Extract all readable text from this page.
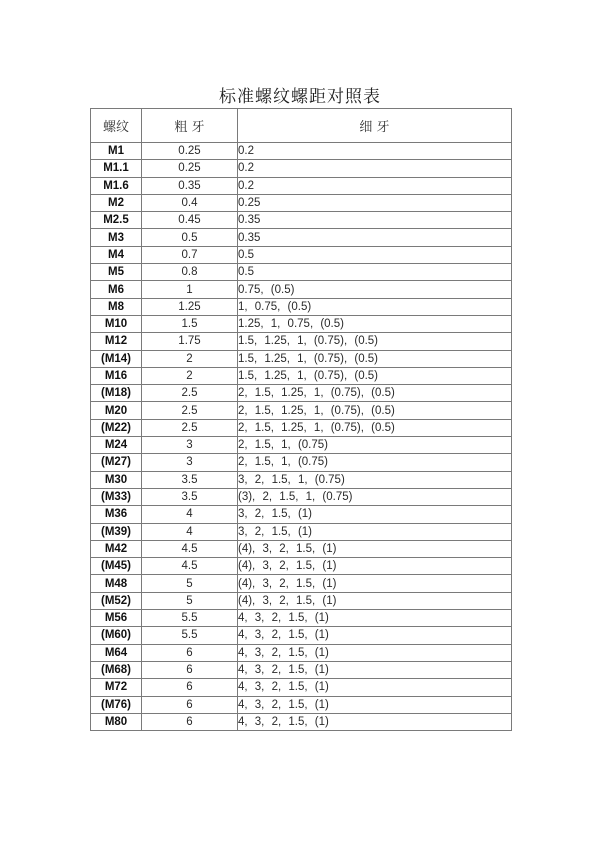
标准螺纹螺距对照表
螺纹	粗 牙	细 牙
M1	0.25	0.2
M1.1	0.25	0.2
M1.6	0.35	0.2
M2	0.4	0.25
M2.5	0.45	0.35
M3	0.5	0.35
M4	0.7	0.5
M5	0.8	0.5
M6	1	0.75, (0.5)
M8	1.25	1, 0.75, (0.5)
M10	1.5	1.25, 1, 0.75, (0.5)
M12	1.75	1.5, 1.25, 1, (0.75), (0.5)
(M14)	2	1.5, 1.25, 1, (0.75), (0.5)
M16	2	1.5, 1.25, 1, (0.75), (0.5)
(M18)	2.5	2, 1.5, 1.25, 1, (0.75), (0.5)
M20	2.5	2, 1.5, 1.25, 1, (0.75), (0.5)
(M22)	2.5	2, 1.5, 1.25, 1, (0.75), (0.5)
M24	3	2, 1.5, 1, (0.75)
(M27)	3	2, 1.5, 1, (0.75)
M30	3.5	3, 2, 1.5, 1, (0.75)
(M33)	3.5	(3), 2, 1.5, 1, (0.75)
M36	4	3, 2, 1.5, (1)
(M39)	4	3, 2, 1.5, (1)
M42	4.5	(4), 3, 2, 1.5, (1)
(M45)	4.5	(4), 3, 2, 1.5, (1)
M48	5	(4), 3, 2, 1.5, (1)
(M52)	5	(4), 3, 2, 1.5, (1)
M56	5.5	4, 3, 2, 1.5, (1)
(M60)	5.5	4, 3, 2, 1.5, (1)
M64	6	4, 3, 2, 1.5, (1)
(M68)	6	4, 3, 2, 1.5, (1)
M72	6	4, 3, 2, 1.5, (1)
(M76)	6	4, 3, 2, 1.5, (1)
M80	6	4, 3, 2, 1.5, (1)
